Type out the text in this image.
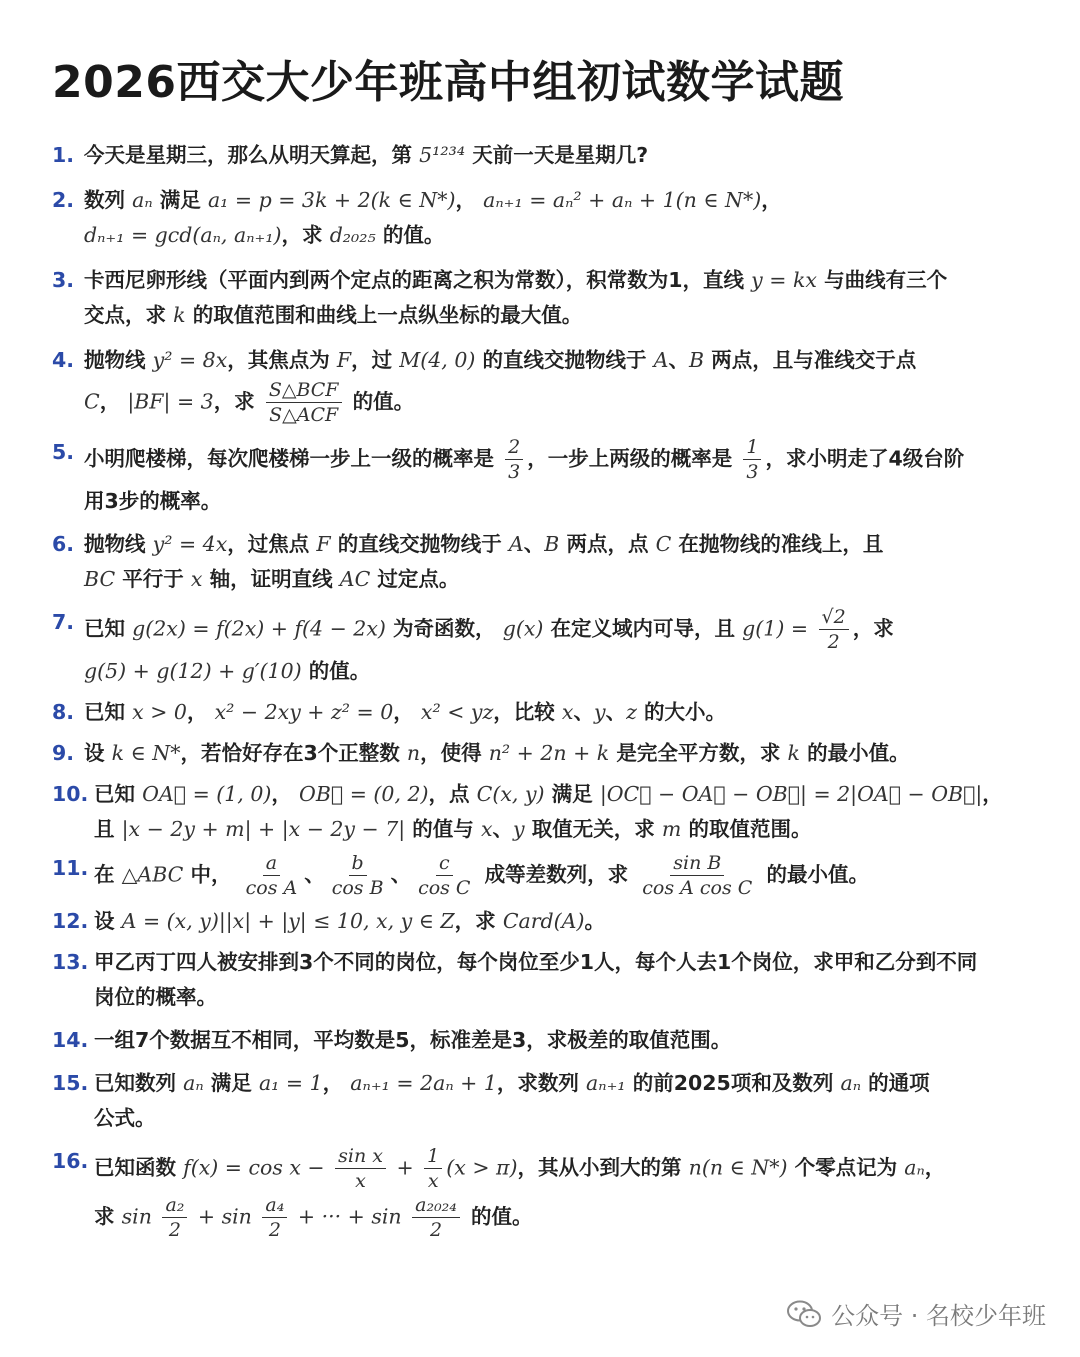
2026西交大少年班高中组初试数学试题
1. 今天是星期三，那么从明天算起，第 5¹²³⁴ 天前一天是星期几?
2. 数列 aₙ 满足 a₁ = p = 3k + 2(k ∈ N*)， aₙ₊₁ = aₙ² + aₙ + 1(n ∈ N*)，
dₙ₊₁ = gcd(aₙ, aₙ₊₁)，求 d₂₀₂₅ 的值。
3. 卡西尼卵形线（平面内到两个定点的距离之积为常数），积常数为1，直线 y = kx 与曲线有三个
交点，求 k 的取值范围和曲线上一点纵坐标的最大值。
4. 抛物线 y² = 8x，其焦点为 F，过 M(4, 0) 的直线交抛物线于 A、B 两点，且与准线交于点
C， |BF| = 3，求 $\frac{\text{S△BCF}}{\text{S△ACF}}$ 的值。
5. 小明爬楼梯，每次爬楼梯一步上一级的概率是 $\frac{2}{3}$ ，一步上两级的概率是 $\frac{1}{3}$ ，求小明走了4级台阶
用3步的概率。
6. 抛物线 y² = 4x，过焦点 F 的直线交抛物线于 A、B 两点，点 C 在抛物线的准线上，且
BC 平行于 x 轴，证明直线 AC 过定点。
7. 已知 g(2x) = f(2x) + f(4 − 2x) 为奇函数， g(x) 在定义域内可导，且 $g(1) = \frac{√2}{2}$ ，求
g(5) + g(12) + g′(10) 的值。
8. 已知 x > 0， x² − 2xy + z² = 0， x² < yz，比较 x、y、z 的大小。
9. 设 k ∈ N*，若恰好存在3个正整数 n，使得 n² + 2n + k 是完全平方数，求 k 的最小值。
10. 已知 OA⃗ = (1, 0)， OB⃗ = (0, 2)，点 C(x, y) 满足 |OC⃗ − OA⃗ − OB⃗| = 2|OA⃗ − OB⃗|，
且 |x − 2y + m| + |x − 2y − 7| 的值与 x、y 取值无关，求 m 的取值范围。
11. 在 △ABC 中， $\frac{a}{\text{cos A}}$ 、 $\frac{b}{\text{cos B}}$ 、 $\frac{c}{\text{cos C}}$ 成等差数列，求 $\frac{\text{sin B}}{\text{cos A cos C}}$ 的最小值。
12. 设 A = (x, y)||x| + |y| ≤ 10, x, y ∈ Z，求 Card(A)。
13. 甲乙丙丁四人被安排到3个不同的岗位，每个岗位至少1人，每个人去1个岗位，求甲和乙分到不同
岗位的概率。
14. 一组7个数据互不相同，平均数是5，标准差是3，求极差的取值范围。
15. 已知数列 aₙ 满足 a₁ = 1， aₙ₊₁ = 2aₙ + 1，求数列 aₙ₊₁ 的前2025项和及数列 aₙ 的通项
公式。
16. 已知函数 $f(x) = \cos x - \frac{\text{sin x}}{x} + \frac{1}{x} (x > \pi)$，其从小到大的第 n(n ∈ N*) 个零点记为 aₙ，
求 $\sin \frac{\text{a₂}}{2} + \sin \frac{\text{a₄}}{2}$ + ··· + $\sin \frac{\text{a₂₀₂₄}}{2}$ 的值。
公众号 · 名校少年班
